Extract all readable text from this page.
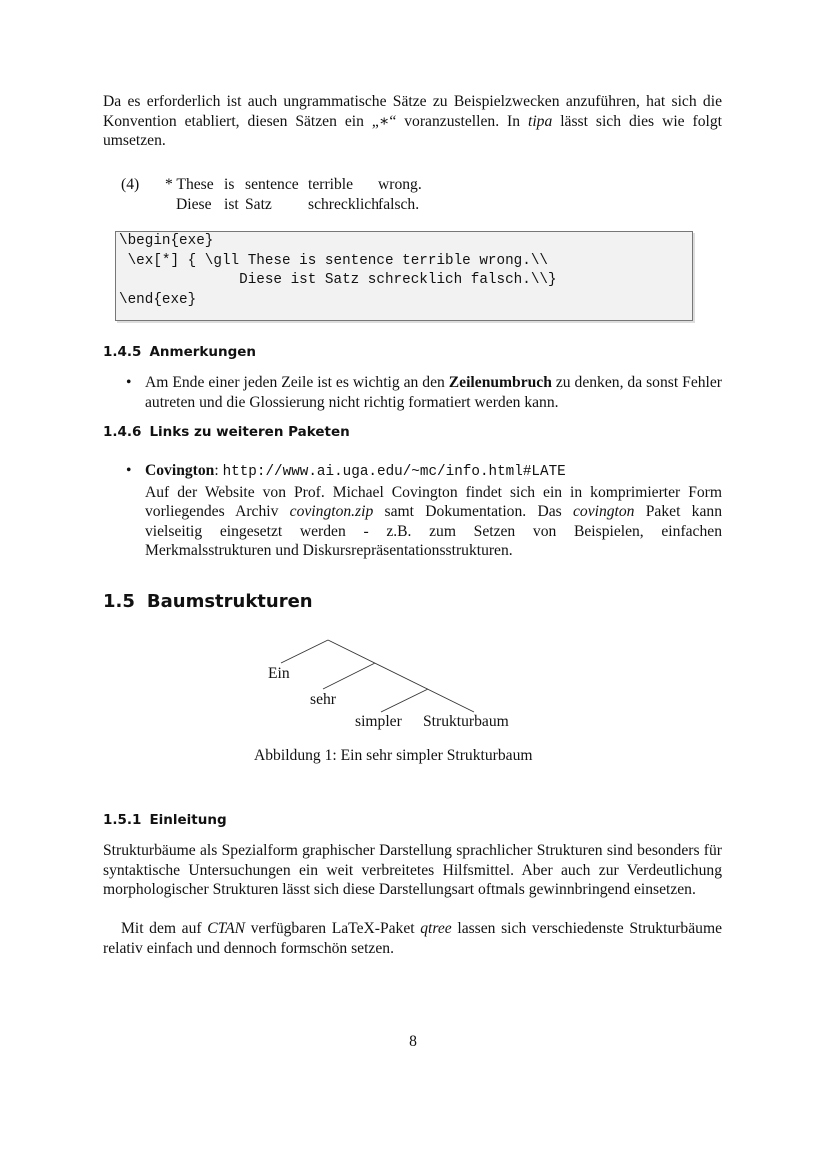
Da es erforderlich ist auch ungrammatische Sätze zu Beispielzwecken anzuführen, hat sich die Konvention etabliert, diesen Sätzen ein „∗“ voranzustellen. In tipa lässt sich dies wie folgt umsetzen.

(4) * These is sentence terrible wrong.
Diese ist Satz schrecklich
falsch.
\begin{exe}
\ex[*] { \gll These is sentence terrible wrong.\\
Diese ist Satz schrecklich falsch.\\}
\end{exe}
1.4.5 Anmerkungen
• Am Ende einer jeden Zeile ist es wichtig an den Zeilenumbruch zu denken, da sonst Fehler autreten und die Glossierung nicht richtig formatiert werden kann.
1.4.6 Links zu weiteren Paketen
• Covington: http://www.ai.uga.edu/~mc/info.html#LATE
Auf der Website von Prof. Michael Covington findet sich ein in komprimierter Form vorliegendes Archiv covington.zip samt Dokumentation. Das covington Paket kann vielseitig eingesetzt werden - z.B. zum Setzen von Beispielen, einfachen Merkmalsstrukturen und Diskursrepräsentationsstrukturen.
1.5 Baumstrukturen
Ein
sehr
simpler Strukturbaum
Abbildung 1: Ein sehr simpler Strukturbaum
1.5.1 Einleitung

Strukturbäume als Spezialform graphischer Darstellung sprachlicher Strukturen sind besonders für syntaktische Untersuchungen ein weit verbreitetes Hilfsmittel. Aber auch zur Verdeutlichung morphologischer Strukturen lässt sich diese Darstellungsart oftmals gewinnbringend einsetzen.

Mit dem auf CTAN verfügbaren LaTeX-Paket qtree lassen sich verschiedenste Strukturbäume relativ einfach und dennoch formschön setzen.

8
